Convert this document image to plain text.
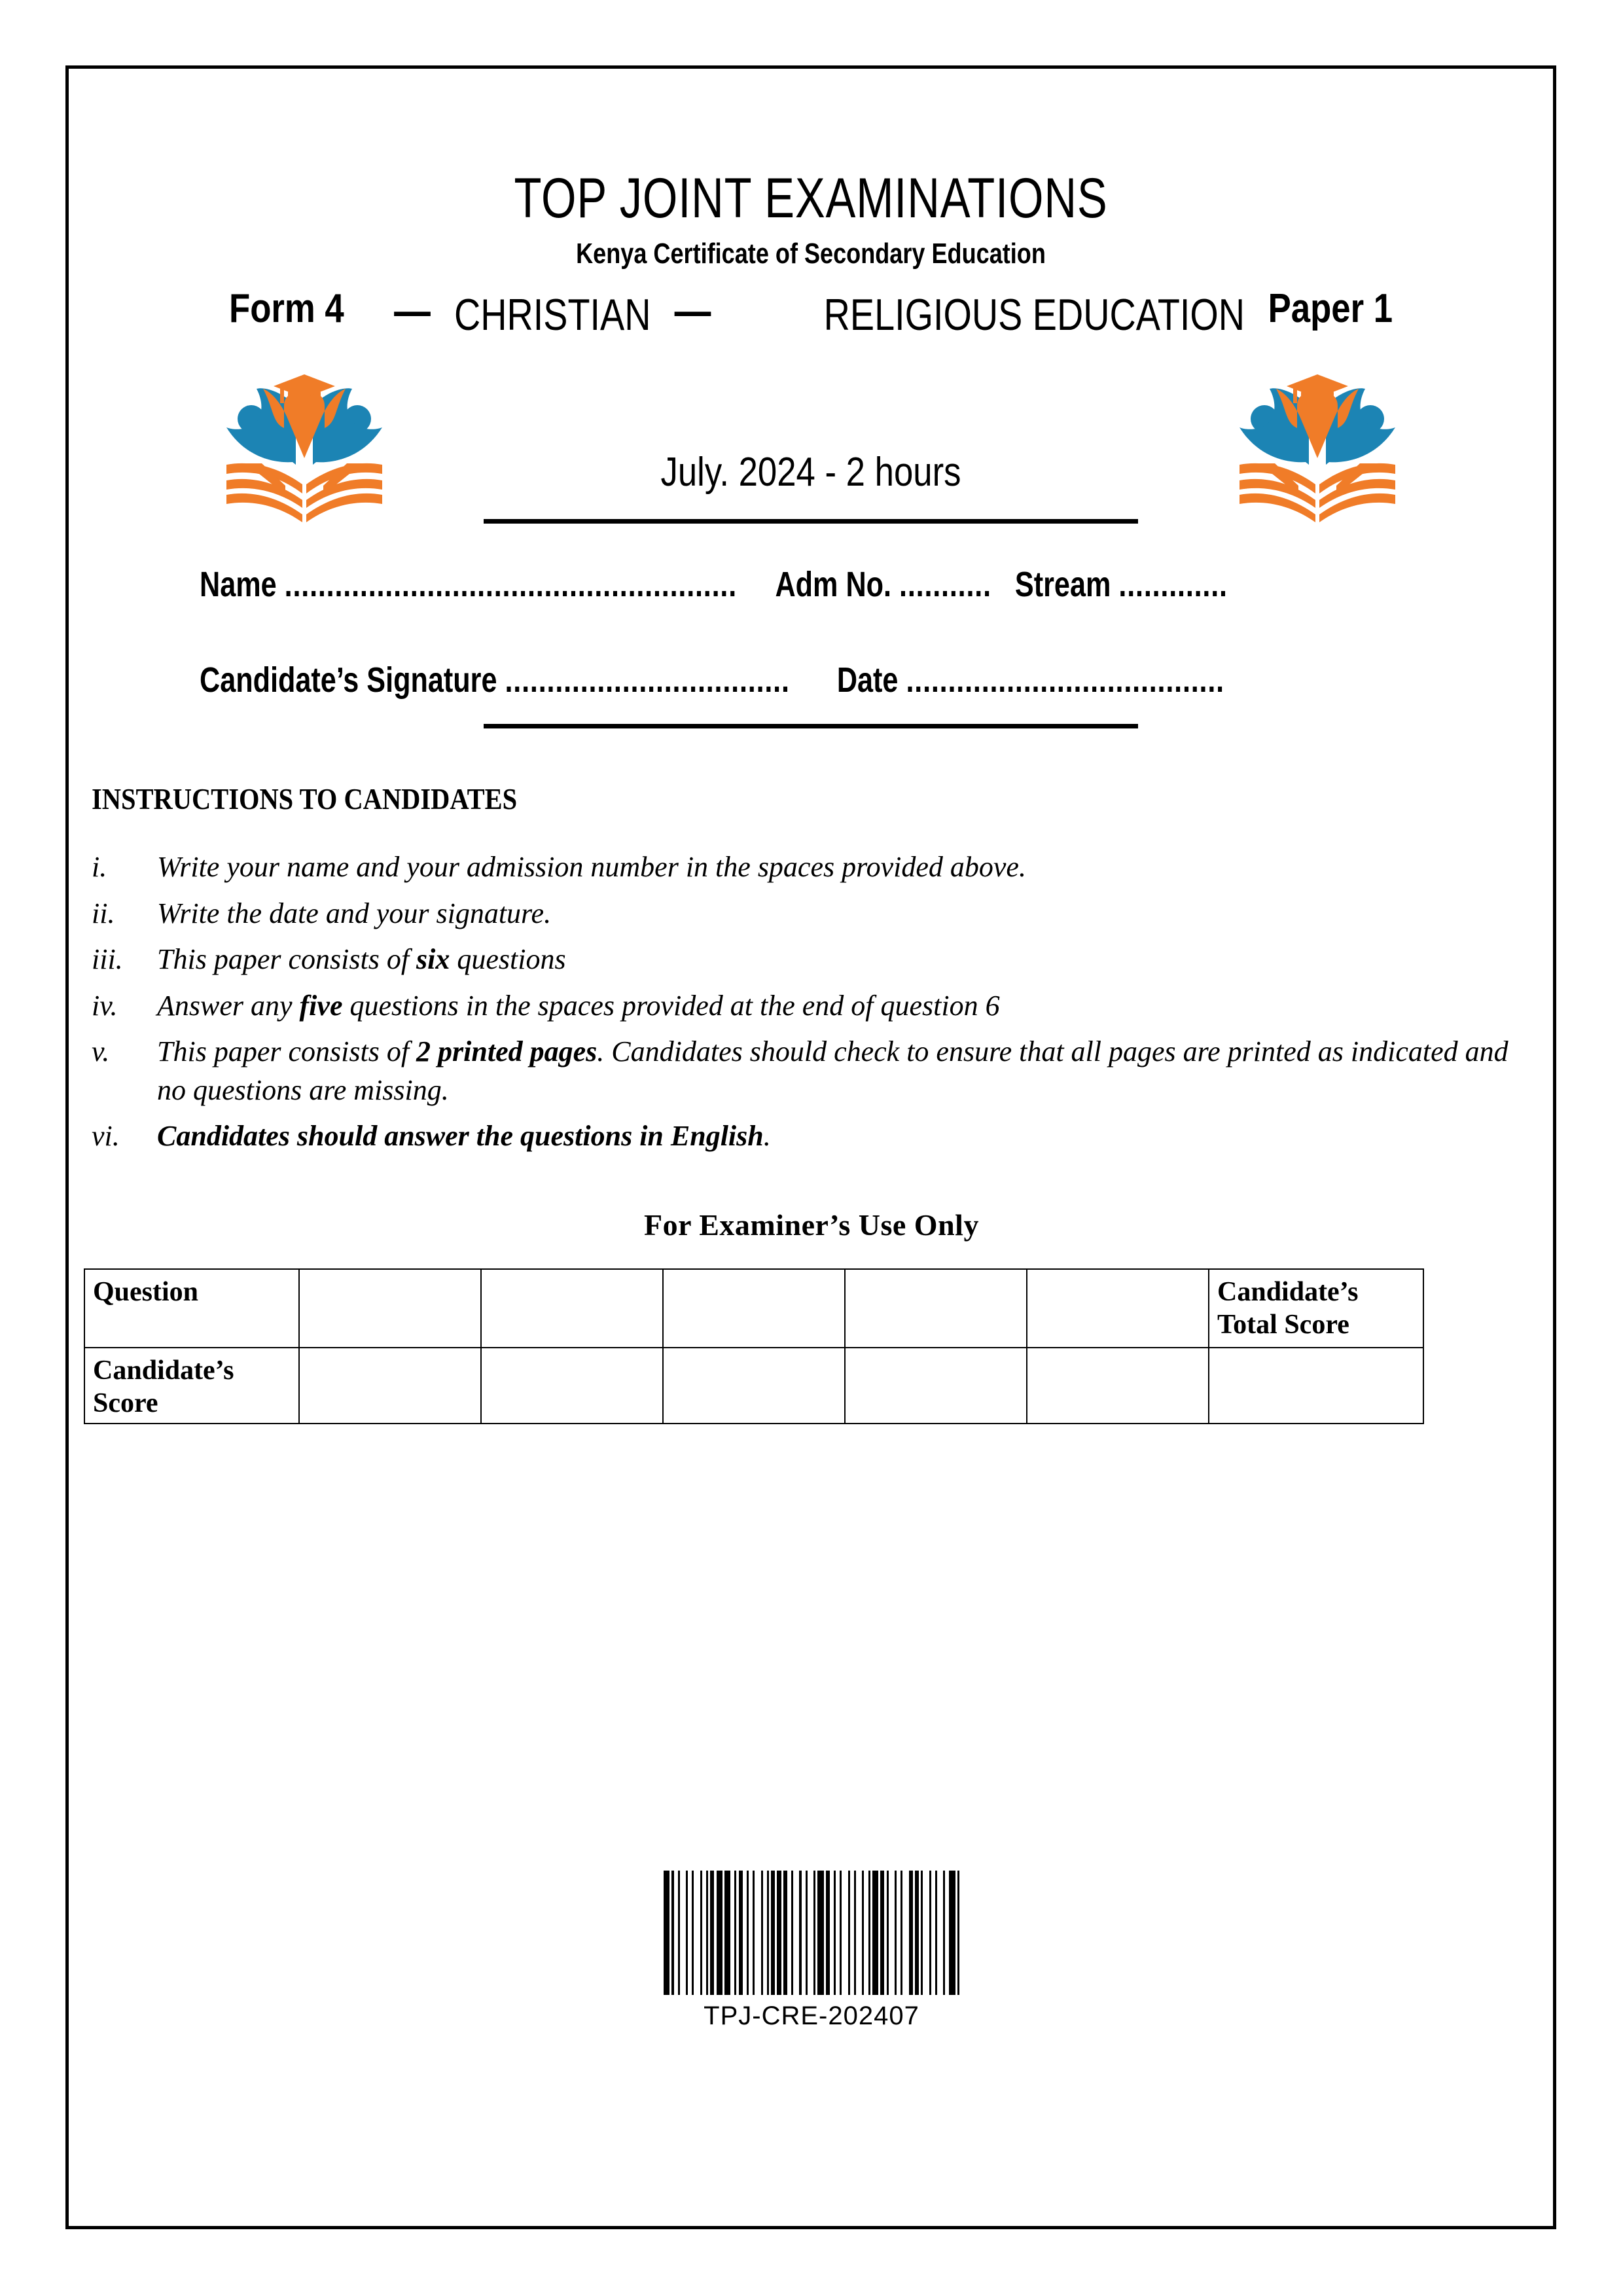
TOP JOINT EXAMINATIONS
Kenya Certificate of Secondary Education
Form 4	Paper 1
— CHRISTIAN —	RELIGIOUS EDUCATION
July. 2024 - 2 hours
Name ...................................................... Adm No. ........... Stream .............
Candidate’s Signature .................................. Date ......................................
INSTRUCTIONS TO CANDIDATES
i.	Write your name and your admission number in the spaces provided above.
ii.	Write the date and your signature.
iii.	This paper consists of six questions
iv.	Answer any five questions in the spaces provided at the end of question 6
v.	This paper consists of 2 printed pages. Candidates should check to ensure that all pages are printed as indicated and no questions are missing.
vi.	Candidates should answer the questions in English.
For Examiner’s Use Only
Question						Candidate’s Total Score
Candidate’s Score						
TPJ-CRE-202407
